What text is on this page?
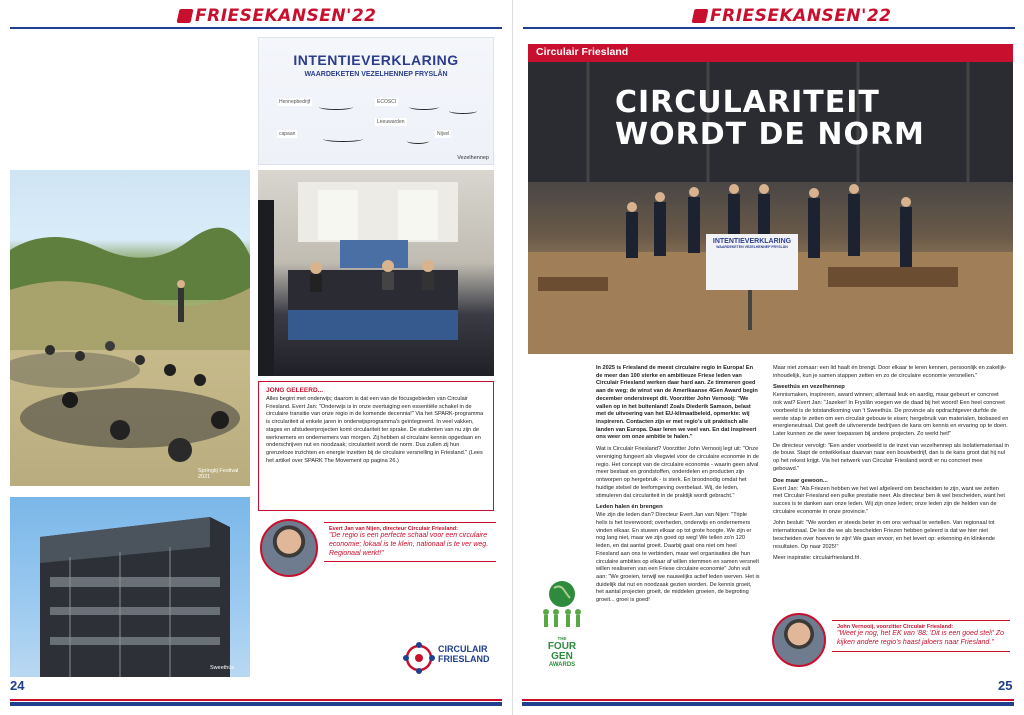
FRIESEKANSEN'22
INTENTIEVERKLARING
WAARDEKETEN VEZELHENNEP FRYSLÂN
Hennepbedrijf
capaan
ECOSCI
Leeuwarden
Nijvel
Vezelhennep
Springtij Festival 2021
Sweethús
JONG GELEERD...
Alles begint met onderwijs; daarom is dat een van de focusgebieden van Circulair Friesland. Evert Jan: "Onderwijs is in onze overtuiging een essentiële schakel in de circulaire transitie van onze regio in de komende decennia!" Via het SPARK-programma is circulariteit al enkele jaren in onderwijsprogramma's geïntegreerd. In veel vakken, stages en afstudeerprojecten komt circulariteit ter sprake. De studenten van nu zijn de werknemers en ondernemers van morgen. Zij hebben al circulaire kennis opgedaan en onderschrijven nut en noodzaak; circulariteit wordt de norm. Dus zullen zij hun grenzeloze inzichten en energie inzetten bij de circulaire versnelling in Friesland." (Lees het artikel over SPARK The Movement op pagina 26.)
Evert Jan van Nijen, directeur Circulair Friesland:
"De regio is een perfecte schaal voor een circulaire economie; lokaal is te klein, nationaal is te ver weg. Regionaal werkt!"
CIRCULAIR
FRIESLAND
24
FRIESEKANSEN'22
Circulair Friesland
INTENTIEVERKLARING
WAARDEKETEN VEZELHENNEP FRYSLÂN
CIRCULARITEIT
WORDT DE NORM

In 2025 is Friesland de meest circulaire regio in Europa! En de meer dan 100 sterke en ambitieuze Friese leden van Circulair Friesland werken daar hard aan. Ze timmeren goed aan de weg; de winst van de Amerikaanse 4Gen Award begin december onderstreept dit. Voorzitter John Vernooij: "We vallen op in het buitenland! Zoals Diederik Samson, belast met de uitvoering van het EU-klimaatbeleid, opmerkte: wij inspireren. Contacten zijn er met regio's uit praktisch alle landen van Europa. Daar leren we veel van. En dat inspireert ons weer om onze ambitie te halen."

Wat is Circulair Friesland? Voorzitter John Vernooij legt uit: "Onze vereniging fungeert als vliegwiel voor de circulaire economie in de regio. Het concept van de circulaire economie - waarin geen afval meer bestaat en grondstoffen, onderdelen en producten zijn ontworpen op hergebruik - is sterk. En broodnodig omdat het huidige stelsel de leefomgeving overbelast. Wij, de leden, stimuleren dat circulariteit in de praktijk wordt gebracht."

Leden halen én brengen

Wie zijn die leden dan? Directeur Evert Jan van Nijen: "Triple helix is het toverwoord; overheden, onderwijs en ondernemers vinden elkaar. En stuwen elkaar op tot grote hoogte. We zijn er nog lang niet, maar we zijn goed op weg! We tellen zo'n 120 leden, en dat aantal groeit. Daarbij gaat ons niet om heel Friesland aan ons te verbinden, maar wel organisaties die hun circulaire ambities op elkaar af willen stemmen en samen versnelt willen realiseren van een Friese circulaire economie" John vult aan: "We groeien, terwijl we nauwelijks actief leden werven. Het is duidelijk dat nut en noodzaak gezien worden. De kennis groeit, het aantal projecten groeit, de middelen groeien, de begroting groeit... groei is goed!

Maar niet zomaar: een lid haalt én brengt. Door elkaar te leren kennen, persoonlijk en zakelijk-inhoudelijk, kun je samen stappen zetten en zo de circulaire economie versnellen."

Sweethús en vezelhennep

Kennismaken, inspireren, award winnen; allemaal leuk en aardig, maar gebeurt er concreet ook wat? Evert Jan: "Jazeker! In Fryslân voegen we de daad bij het woord! Een heel concreet voorbeeld is de totstandkoming van 't Sweethús. De provincie als opdrachtgever durfde de eerste stap te zetten om een circulair gebouw te eisen; hergebruik van materialen, biobased en energieneutraal. Dat geeft de uitvoerende bedrijven de kans om kennis en ervaring op te doen. Later kunnen ze die weer toepassen bij andere projecten. Zo werkt het!"

De directeur vervolgt: "Een ander voorbeeld is de inzet van vezelhennep als isolatiemateriaal in de bouw. Stapt de ontwikkelaar daarvan naar een bouwbedrijf, dan is de kans groot dat hij nul op het rekest krijgt. Via het netwerk van Circulair Friesland wordt er nu concreet mee gebouwd."

Doe maar gewoon...

Evert Jan: "Als Friezen hebben we het wel afgeleerd om bescheiden te zijn, want we zetten met Circulair Friesland een pulke prestatie neer. Als directeur ben ik wel bescheiden, want het succes is te danken aan onze leden. Wij zijn onze leden; onze leden zijn de helden van de circulaire economie in onze provincie."

John besluit: "We worden er steeds beter in om ons verhaal te vertellen. Van regionaal tot internationaal. De les die we als bescheiden Friezen hebben geleerd is dat we hier niet bescheiden over hoeven te zijn! We gaan ervoor, en het levert op: erkenning én klinkende resultaten. Op naar 2025!"

Meer inspiratie: circulairfriesland.frl.

John Vernooij, voorzitter Circulair Friesland:
"Weet je nog, het EK van '88: 'Dit is een goed stel!' Zo kijken andere regio's haast jaloers naar Friesland."
THE
FOUR
GEN
AWARDS
25
